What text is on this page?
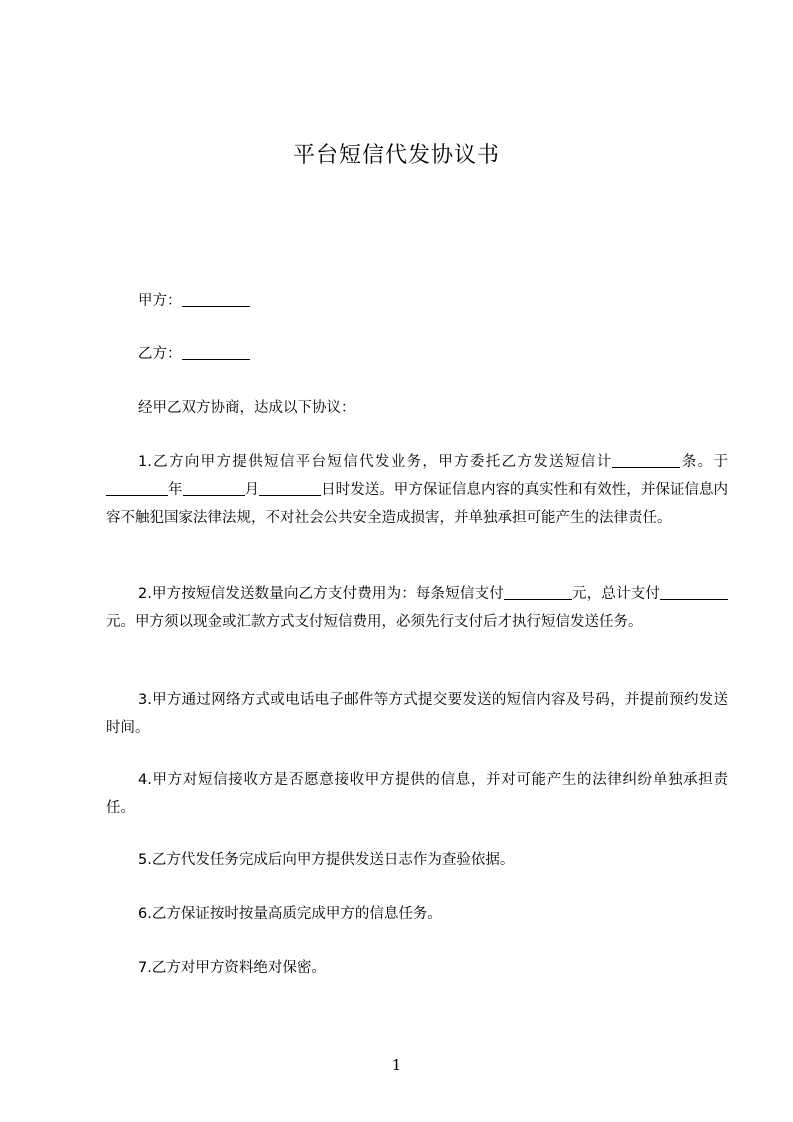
平台短信代发协议书

甲方：

乙方：

经甲乙双方协商，达成以下协议：

1.乙方向甲方提供短信平台短信代发业务，甲方委托乙方发送短信计	条。于年	月	日时发送。甲方保证信息内容的真实性和有效性，并保证信息内容不触犯国家法律法规，不对社会公共安全造成损害，并单独承担可能产生的法律责任。

2.甲方按短信发送数量向乙方支付费用为：每条短信支付	元，总计支付元。甲方须以现金或汇款方式支付短信费用，必须先行支付后才执行短信发送任务。

3.甲方通过网络方式或电话电子邮件等方式提交要发送的短信内容及号码，并提前预约发送时间。

4.甲方对短信接收方是否愿意接收甲方提供的信息，并对可能产生的法律纠纷单独承担责任。

5.乙方代发任务完成后向甲方提供发送日志作为查验依据。

6.乙方保证按时按量高质完成甲方的信息任务。

7.乙方对甲方资料绝对保密。

1
